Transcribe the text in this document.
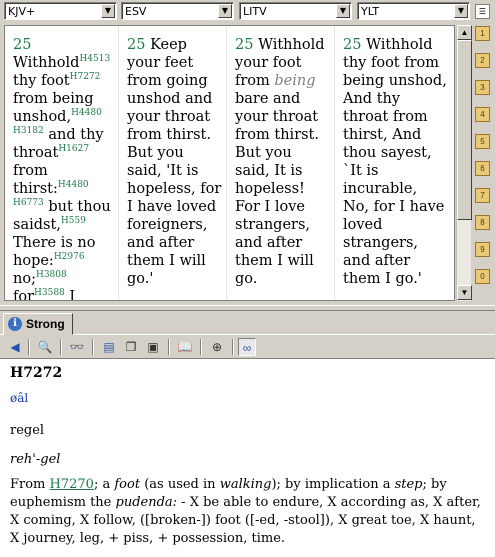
KJV+	▼	ESV	▼	LITV	▼	YLT	▼
25
Withhold$^{H4513}$ thy foot$^{H7272}$ from being unshod,$^{H4480 H3182}$ and thy throat$^{H1627}$ from thirst:$^{H4480 H6773}$ but thou saidst,$^{H559}$ There is no hope:$^{H2976}$ no;$^{H3808}$ for$^{H3588}$ I
25 Keep your feet from going unshod and your throat from thirst. But you said, 'It is hopeless, for I have loved foreigners, and after them I will go.'
25 Withhold your foot from being bare and your throat from thirst. But you said, It is hopeless! For I love strangers, and after them I will go.
25 Withhold thy foot from being unshod, And thy throat from thirst, And thou sayest, `It is incurable, No, for I have loved strangers, and after them I go.'
▲
▼
☰
1
2
3
4
5
6
7
8
9
0
i Strong
◀	🔍 👓 ▤ ❐ ▣ 📖	⊕	∞
H7272
øâl
regel
reh'-gel
From H7270; a foot (as used in walking); by implication a step; by euphemism the pudenda: - X be able to endure, X according as, X after, X coming, X follow, ([broken-]) foot ([-ed, -stool]), X great toe, X haunt, X journey, leg, + piss, + possession, time.
